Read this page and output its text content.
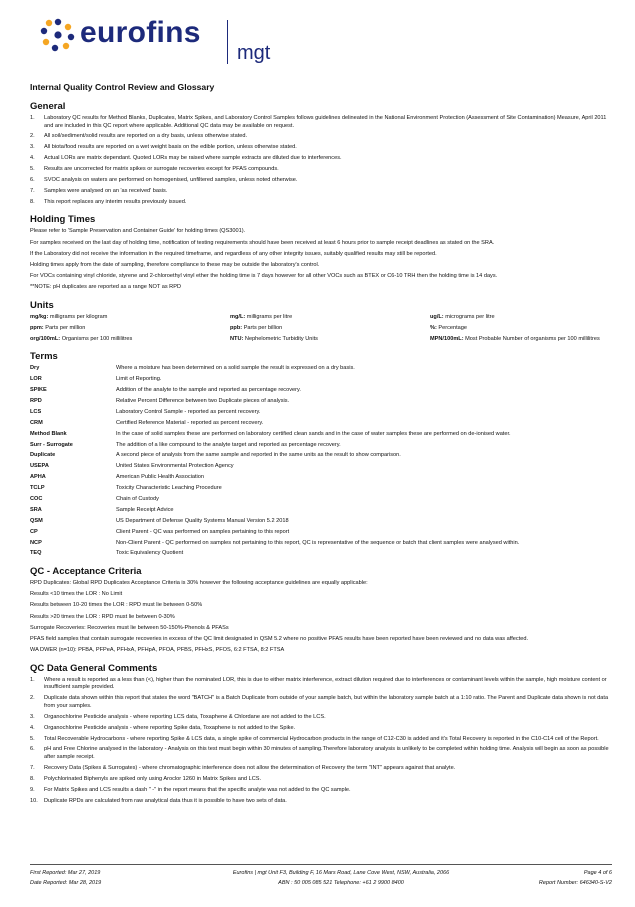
eurofins
mgt
Internal Quality Control Review and Glossary
General
1. Laboratory QC results for Method Blanks, Duplicates, Matrix Spikes, and Laboratory Control Samples follows guidelines delineated in the National Environment Protection (Assessment of Site Contamination) Measure, April 2011 and are included in this QC report where applicable. Additional QC data may be available on request.
2. All soil/sediment/solid results are reported on a dry basis, unless otherwise stated.
3. All biota/food results are reported on a wet weight basis on the edible portion, unless otherwise stated.
4. Actual LORs are matrix dependant. Quoted LORs may be raised where sample extracts are diluted due to interferences.
5. Results are uncorrected for matrix spikes or surrogate recoveries except for PFAS compounds.
6. SVOC analysis on waters are performed on homogenised, unfiltered samples, unless noted otherwise.
7. Samples were analysed on an 'as received' basis.
8. This report replaces any interim results previously issued.
Holding Times
Please refer to 'Sample Preservation and Container Guide' for holding times (QS3001).
For samples received on the last day of holding time, notification of testing requirements should have been received at least 6 hours prior to sample receipt deadlines as stated on the SRA.
If the Laboratory did not receive the information in the required timeframe, and regardless of any other integrity issues, suitably qualified results may still be reported.
Holding times apply from the date of sampling, therefore compliance to these may be outside the laboratory's control.
For VOCs containing vinyl chloride, styrene and 2-chloroethyl vinyl ether the holding time is 7 days however for all other VOCs such as BTEX or C6-10 TRH then the holding time is 14 days.
**NOTE: pH duplicates are reported as a range NOT as RPD
Units
mg/kg: milligrams per kilogram	mg/L: milligrams per litre	ug/L: micrograms per litre
ppm: Parts per million	ppb: Parts per billion	%: Percentage
org/100mL: Organisms per 100 millilitres	NTU: Nephelometric Turbidity Units	MPN/100mL: Most Probable Number of organisms per 100 millilitres
Terms
Dry	Where a moisture has been determined on a solid sample the result is expressed on a dry basis.
LOR	Limit of Reporting.
SPIKE	Addition of the analyte to the sample and reported as percentage recovery.
RPD	Relative Percent Difference between two Duplicate pieces of analysis.
LCS	Laboratory Control Sample - reported as percent recovery.
CRM	Certified Reference Material - reported as percent recovery.
Method Blank	In the case of solid samples these are performed on laboratory certified clean sands and in the case of water samples these are performed on de-ionised water.
Surr - Surrogate	The addition of a like compound to the analyte target and reported as percentage recovery.
Duplicate	A second piece of analysis from the same sample and reported in the same units as the result to show comparison.
USEPA	United States Environmental Protection Agency
APHA	American Public Health Association
TCLP	Toxicity Characteristic Leaching Procedure
COC	Chain of Custody
SRA	Sample Receipt Advice
QSM	US Department of Defense Quality Systems Manual Version 5.2 2018
CP	Client Parent - QC was performed on samples pertaining to this report
NCP	Non-Client Parent - QC performed on samples not pertaining to this report, QC is representative of the sequence or batch that client samples were analysed within.
TEQ	Toxic Equivalency Quotient
QC - Acceptance Criteria
RPD Duplicates: Global RPD Duplicates Acceptance Criteria is 30% however the following acceptance guidelines are equally applicable:
Results <10 times the LOR : No Limit
Results between 10-20 times the LOR : RPD must lie between 0-50%
Results >20 times the LOR : RPD must lie between 0-30%
Surrogate Recoveries: Recoveries must lie between 50-150%-Phenols & PFASs
PFAS field samples that contain surrogate recoveries in excess of the QC limit designated in QSM 5.2 where no positive PFAS results have been reported have been reviewed and no data was affected.
WA DWER (n=10): PFBA, PFPeA, PFHxA, PFHpA, PFOA, PFBS, PFHxS, PFOS, 6:2 FTSA, 8:2 FTSA
QC Data General Comments
1. Where a result is reported as a less than (<), higher than the nominated LOR, this is due to either matrix interference, extract dilution required due to interferences or contaminant levels within the sample, high moisture content or insufficient sample provided.
2. Duplicate data shown within this report that states the word "BATCH" is a Batch Duplicate from outside of your sample batch, but within the laboratory sample batch at a 1:10 ratio. The Parent and Duplicate data shown is not data from your samples.
3. Organochlorine Pesticide analysis - where reporting LCS data, Toxaphene & Chlordane are not added to the LCS.
4. Organochlorine Pesticide analysis - where reporting Spike data, Toxaphene is not added to the Spike.
5. Total Recoverable Hydrocarbons - where reporting Spike & LCS data, a single spike of commercial Hydrocarbon products in the range of C12-C30 is added and it's Total Recovery is reported in the C10-C14 cell of the Report.
6. pH and Free Chlorine analysed in the laboratory - Analysis on this test must begin within 30 minutes of sampling.Therefore laboratory analysis is unlikely to be completed within holding time. Analysis will begin as soon as possible after sample receipt.
7. Recovery Data (Spikes & Surrogates) - where chromatographic interference does not allow the determination of Recovery the term "INT" appears against that analyte.
8. Polychlorinated Biphenyls are spiked only using Aroclor 1260 in Matrix Spikes and LCS.
9. For Matrix Spikes and LCS results a dash " -" in the report means that the specific analyte was not added to the QC sample.
10. Duplicate RPDs are calculated from raw analytical data thus it is possible to have two sets of data.
First Reported: Mar 27, 2019	Eurofins | mgt Unit F3, Building F, 16 Mars Road, Lane Cove West, NSW, Australia, 2066	Page 4 of 6
Date Reported: Mar 28, 2019	ABN : 50 005 085 521 Telephone: +61 2 9900 8400	Report Number: 646340-S-V2
